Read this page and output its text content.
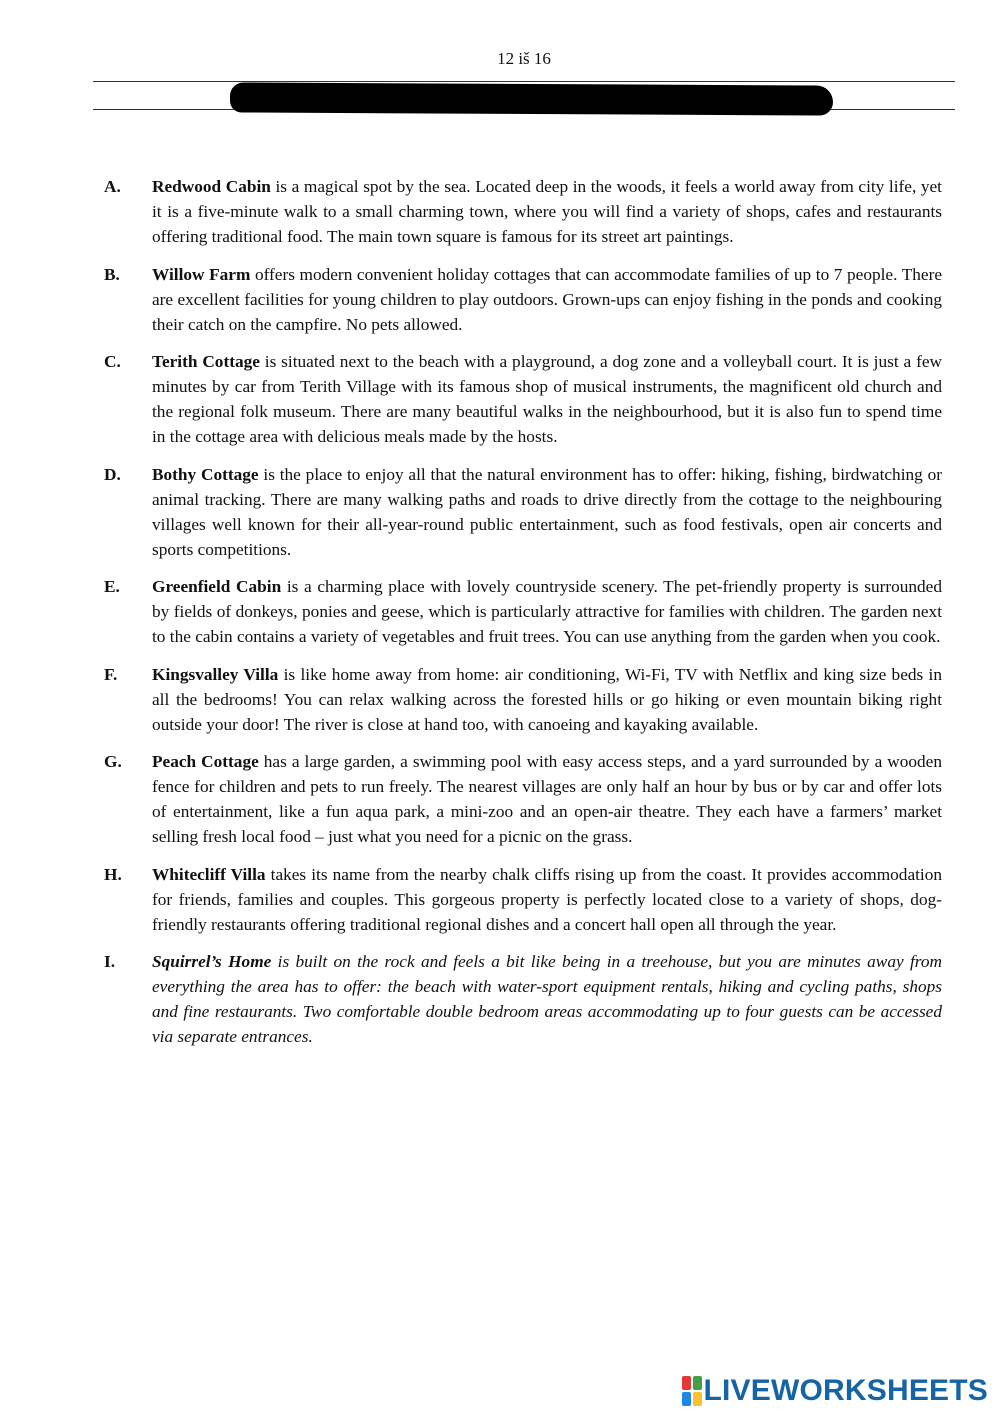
12 iš 16
A. Redwood Cabin is a magical spot by the sea. Located deep in the woods, it feels a world away from city life, yet it is a five-minute walk to a small charming town, where you will find a variety of shops, cafes and restaurants offering traditional food. The main town square is famous for its street art paintings.
B. Willow Farm offers modern convenient holiday cottages that can accommodate families of up to 7 people. There are excellent facilities for young children to play outdoors. Grown-ups can enjoy fishing in the ponds and cooking their catch on the campfire. No pets allowed.
C. Terith Cottage is situated next to the beach with a playground, a dog zone and a volleyball court. It is just a few minutes by car from Terith Village with its famous shop of musical instruments, the magnificent old church and the regional folk museum. There are many beautiful walks in the neighbourhood, but it is also fun to spend time in the cottage area with delicious meals made by the hosts.
D. Bothy Cottage is the place to enjoy all that the natural environment has to offer: hiking, fishing, birdwatching or animal tracking. There are many walking paths and roads to drive directly from the cottage to the neighbouring villages well known for their all-year-round public entertainment, such as food festivals, open air concerts and sports competitions.
E. Greenfield Cabin is a charming place with lovely countryside scenery. The pet-friendly property is surrounded by fields of donkeys, ponies and geese, which is particularly attractive for families with children. The garden next to the cabin contains a variety of vegetables and fruit trees. You can use anything from the garden when you cook.
F. Kingsvalley Villa is like home away from home: air conditioning, Wi-Fi, TV with Netflix and king size beds in all the bedrooms! You can relax walking across the forested hills or go hiking or even mountain biking right outside your door! The river is close at hand too, with canoeing and kayaking available.
G. Peach Cottage has a large garden, a swimming pool with easy access steps, and a yard surrounded by a wooden fence for children and pets to run freely. The nearest villages are only half an hour by bus or by car and offer lots of entertainment, like a fun aqua park, a mini-zoo and an open-air theatre. They each have a farmers’ market selling fresh local food – just what you need for a picnic on the grass.
H. Whitecliff Villa takes its name from the nearby chalk cliffs rising up from the coast. It provides accommodation for friends, families and couples. This gorgeous property is perfectly located close to a variety of shops, dog-friendly restaurants offering traditional regional dishes and a concert hall open all through the year.
I. Squirrel’s Home is built on the rock and feels a bit like being in a treehouse, but you are minutes away from everything the area has to offer: the beach with water-sport equipment rentals, hiking and cycling paths, shops and fine restaurants. Two comfortable double bedroom areas accommodating up to four guests can be accessed via separate entrances.
LIVEWORKSHEETS
